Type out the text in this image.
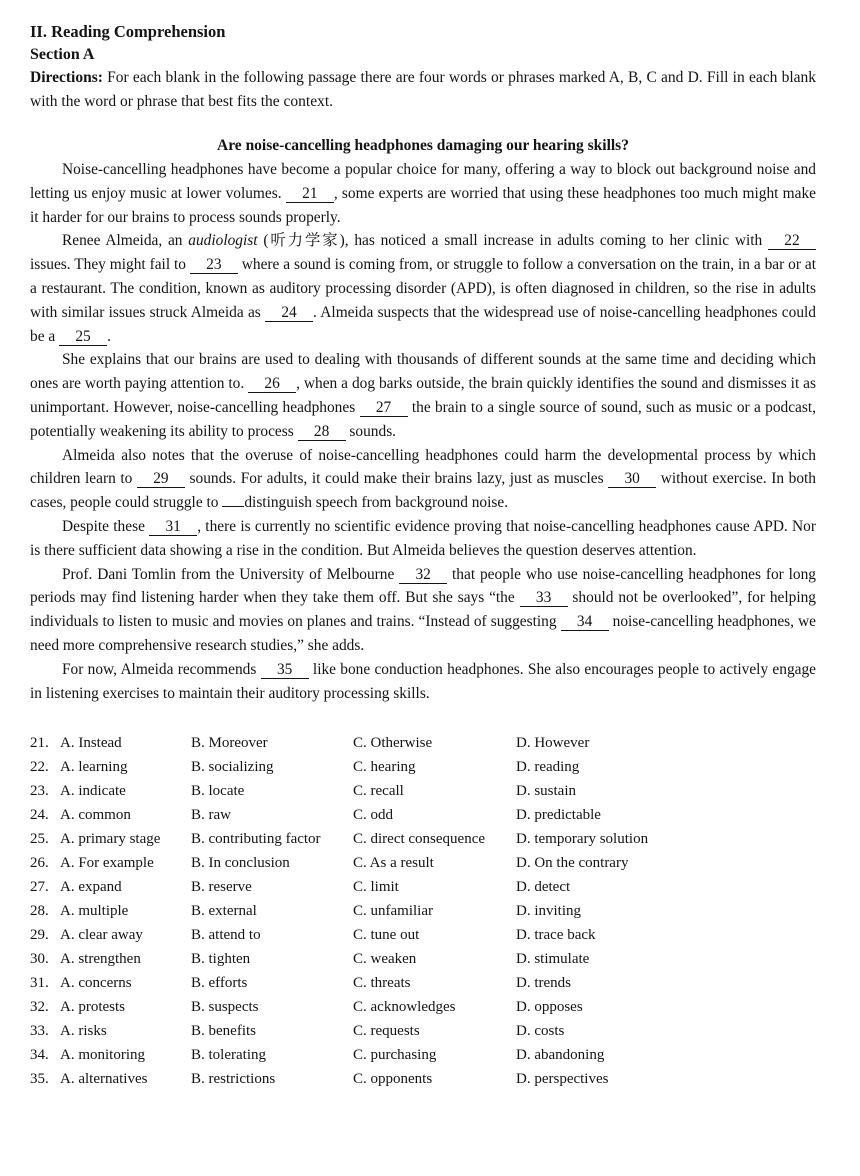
II. Reading Comprehension
Section A
Directions: For each blank in the following passage there are four words or phrases marked A, B, C and D. Fill in each blank with the word or phrase that best fits the context.
Are noise-cancelling headphones damaging our hearing skills?

Noise-cancelling headphones have become a popular choice for many, offering a way to block out background noise and letting us enjoy music at lower volumes. 21 , some experts are worried that using these headphones too much might make it harder for our brains to process sounds properly.

Renee Almeida, an audiologist (听力学家), has noticed a small increase in adults coming to her clinic with 22 issues. They might fail to 23 where a sound is coming from, or struggle to follow a conversation on the train, in a bar or at a restaurant. The condition, known as auditory processing disorder (APD), is often diagnosed in children, so the rise in adults with similar issues struck Almeida as 24 . Almeida suspects that the widespread use of noise-cancelling headphones could be a 25 .

She explains that our brains are used to dealing with thousands of different sounds at the same time and deciding which ones are worth paying attention to. 26 , when a dog barks outside, the brain quickly identifies the sound and dismisses it as unimportant. However, noise-cancelling headphones 27 the brain to a single source of sound, such as music or a podcast, potentially weakening its ability to process 28 sounds.

Almeida also notes that the overuse of noise-cancelling headphones could harm the developmental process by which children learn to 29 sounds. For adults, it could make their brains lazy, just as muscles 30 without exercise. In both cases, people could struggle to distinguish speech from background noise.

Despite these 31 , there is currently no scientific evidence proving that noise-cancelling headphones cause APD. Nor is there sufficient data showing a rise in the condition. But Almeida believes the question deserves attention.

Prof. Dani Tomlin from the University of Melbourne 32 that people who use noise-cancelling headphones for long periods may find listening harder when they take them off. But she says “the 33 should not be overlooked”, for helping individuals to listen to music and movies on planes and trains. “Instead of suggesting 34 noise-cancelling headphones, we need more comprehensive research studies,” she adds.

For now, Almeida recommends 35 like bone conduction headphones. She also encourages people to actively engage in listening exercises to maintain their auditory processing skills.

21. A. Instead	B. Moreover	C. Otherwise	D. However
22. A. learning	B. socializing	C. hearing	D. reading
23. A. indicate	B. locate	C. recall	D. sustain
24. A. common	B. raw	C. odd	D. predictable
25. A. primary stage	B. contributing factor	C. direct consequence	D. temporary solution
26. A. For example	B. In conclusion	C. As a result	D. On the contrary
27. A. expand	B. reserve	C. limit	D. detect
28. A. multiple	B. external	C. unfamiliar	D. inviting
29. A. clear away	B. attend to	C. tune out	D. trace back
30. A. strengthen	B. tighten	C. weaken	D. stimulate
31. A. concerns	B. efforts	C. threats	D. trends
32. A. protests	B. suspects	C. acknowledges	D. opposes
33. A. risks	B. benefits	C. requests	D. costs
34. A. monitoring	B. tolerating	C. purchasing	D. abandoning
35. A. alternatives	B. restrictions	C. opponents	D. perspectives
